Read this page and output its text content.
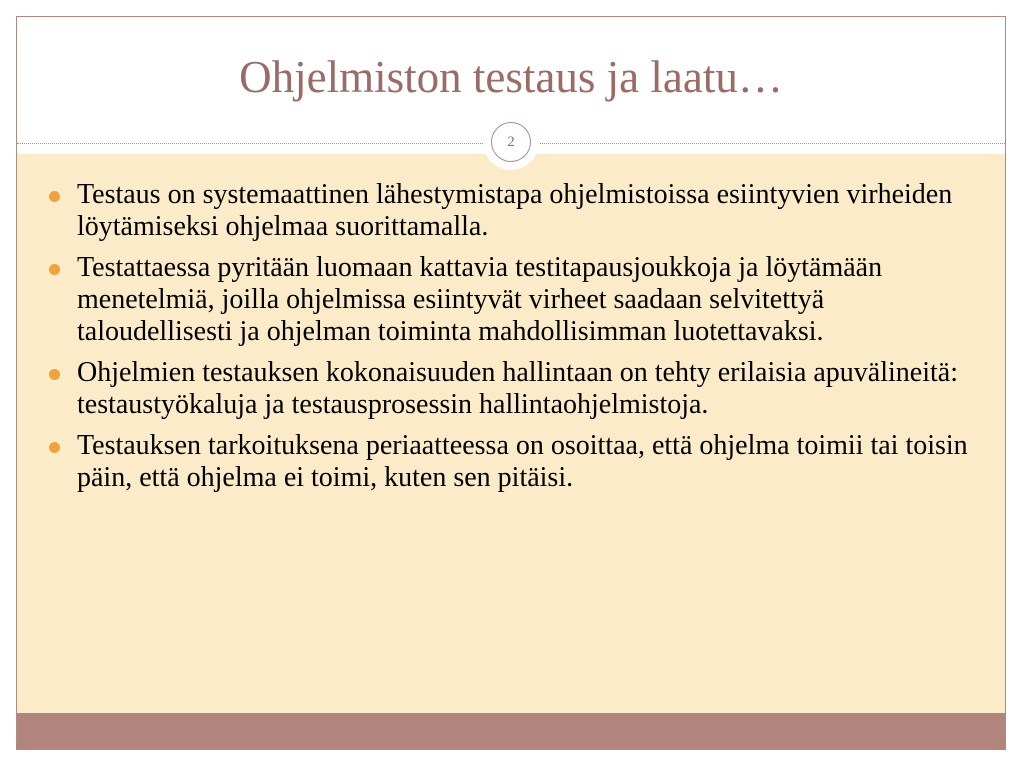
Ohjelmiston testaus ja laatu…
2
Testaus on systemaattinen lähestymistapa ohjelmistoissa esiintyvien virheiden löytämiseksi ohjelmaa suorittamalla.
Testattaessa pyritään luomaan kattavia testitapausjoukkoja ja löytämään menetelmiä, joilla ohjelmissa esiintyvät virheet saadaan selvitettyä taloudellisesti ja ohjelman toiminta mahdollisimman luotettavaksi.
Ohjelmien testauksen kokonaisuuden hallintaan on tehty erilaisia apuvälineitä: testaustyökaluja ja testausprosessin hallintaohjelmistoja.
Testauksen tarkoituksena periaatteessa on osoittaa, että ohjelma toimii tai toisin päin, että ohjelma ei toimi, kuten sen pitäisi.
